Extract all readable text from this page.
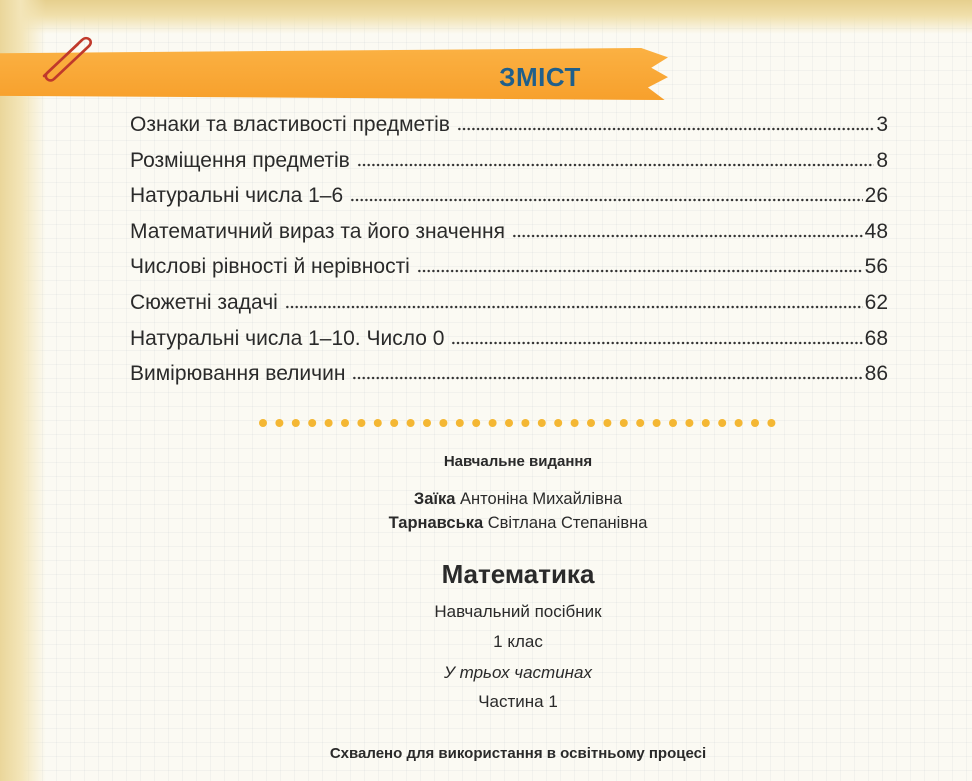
ЗМІСТ
Ознаки та властивості предметів	3
Розміщення предметів	8
Натуральні числа 1–6	26
Математичний вираз та його значення	48
Числові рівності й нерівності	56
Сюжетні задачі	62
Натуральні числа 1–10. Число 0	68
Вимірювання величин	86
Навчальне видання
Заїка Антоніна Михайлівна
Тарнавська Світлана Степанівна
Математика
Навчальний посібник
1 клас
У трьох частинах
Частина 1
Схвалено для використання в освітньому процесі
